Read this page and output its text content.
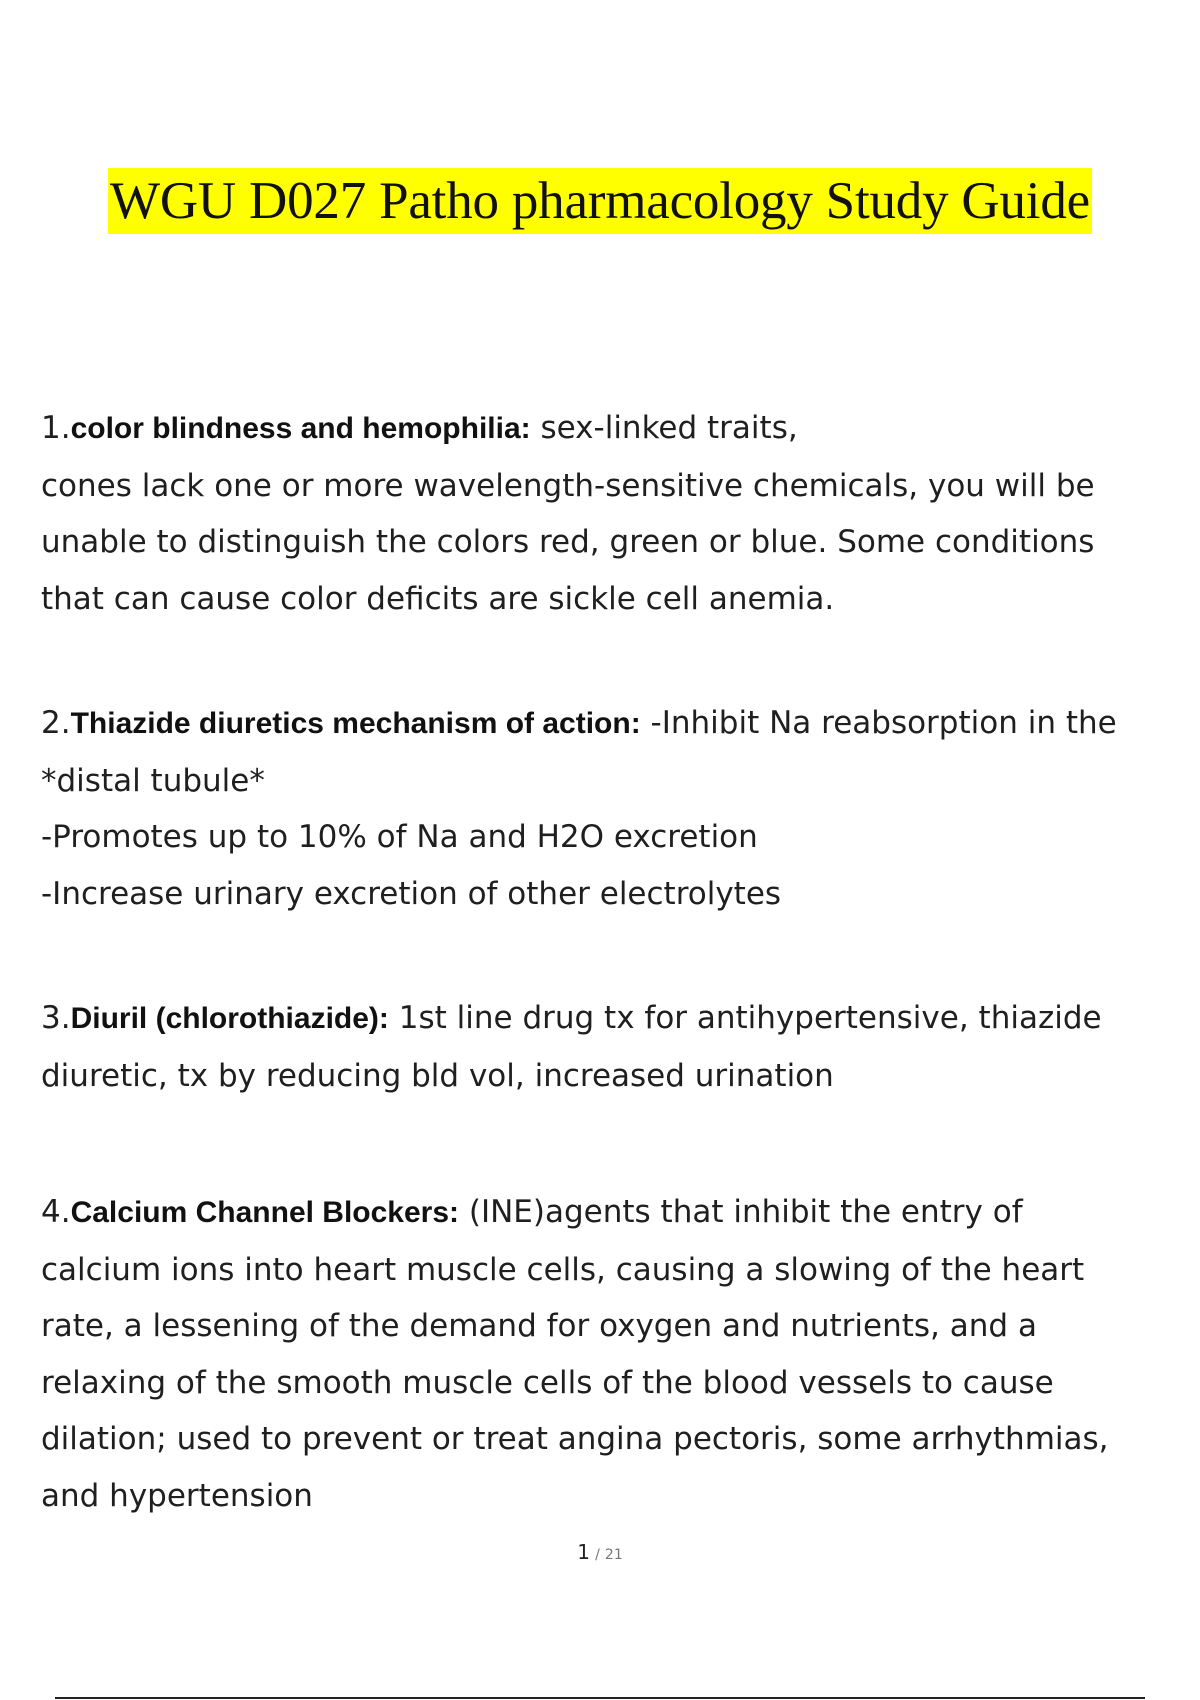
WGU D027 Patho pharmacology Study Guide
1.color blindness and hemophilia: sex-linked traits,
cones lack one or more wavelength-sensitive chemicals, you will be
unable to distinguish the colors red, green or blue. Some conditions
that can cause color deficits are sickle cell anemia.
2.Thiazide diuretics mechanism of action: -Inhibit Na reabsorption in the
*distal tubule*
-Promotes up to 10% of Na and H2O excretion
-Increase urinary excretion of other electrolytes
3.Diuril (chlorothiazide): 1st line drug tx for antihypertensive, thiazide
diuretic, tx by reducing bld vol, increased urination
4.Calcium Channel Blockers: (INE)agents that inhibit the entry of
calcium ions into heart muscle cells, causing a slowing of the heart
rate, a lessening of the demand for oxygen and nutrients, and a
relaxing of the smooth muscle cells of the blood vessels to cause
dilation; used to prevent or treat angina pectoris, some arrhythmias,
and hypertension
1 / 21
